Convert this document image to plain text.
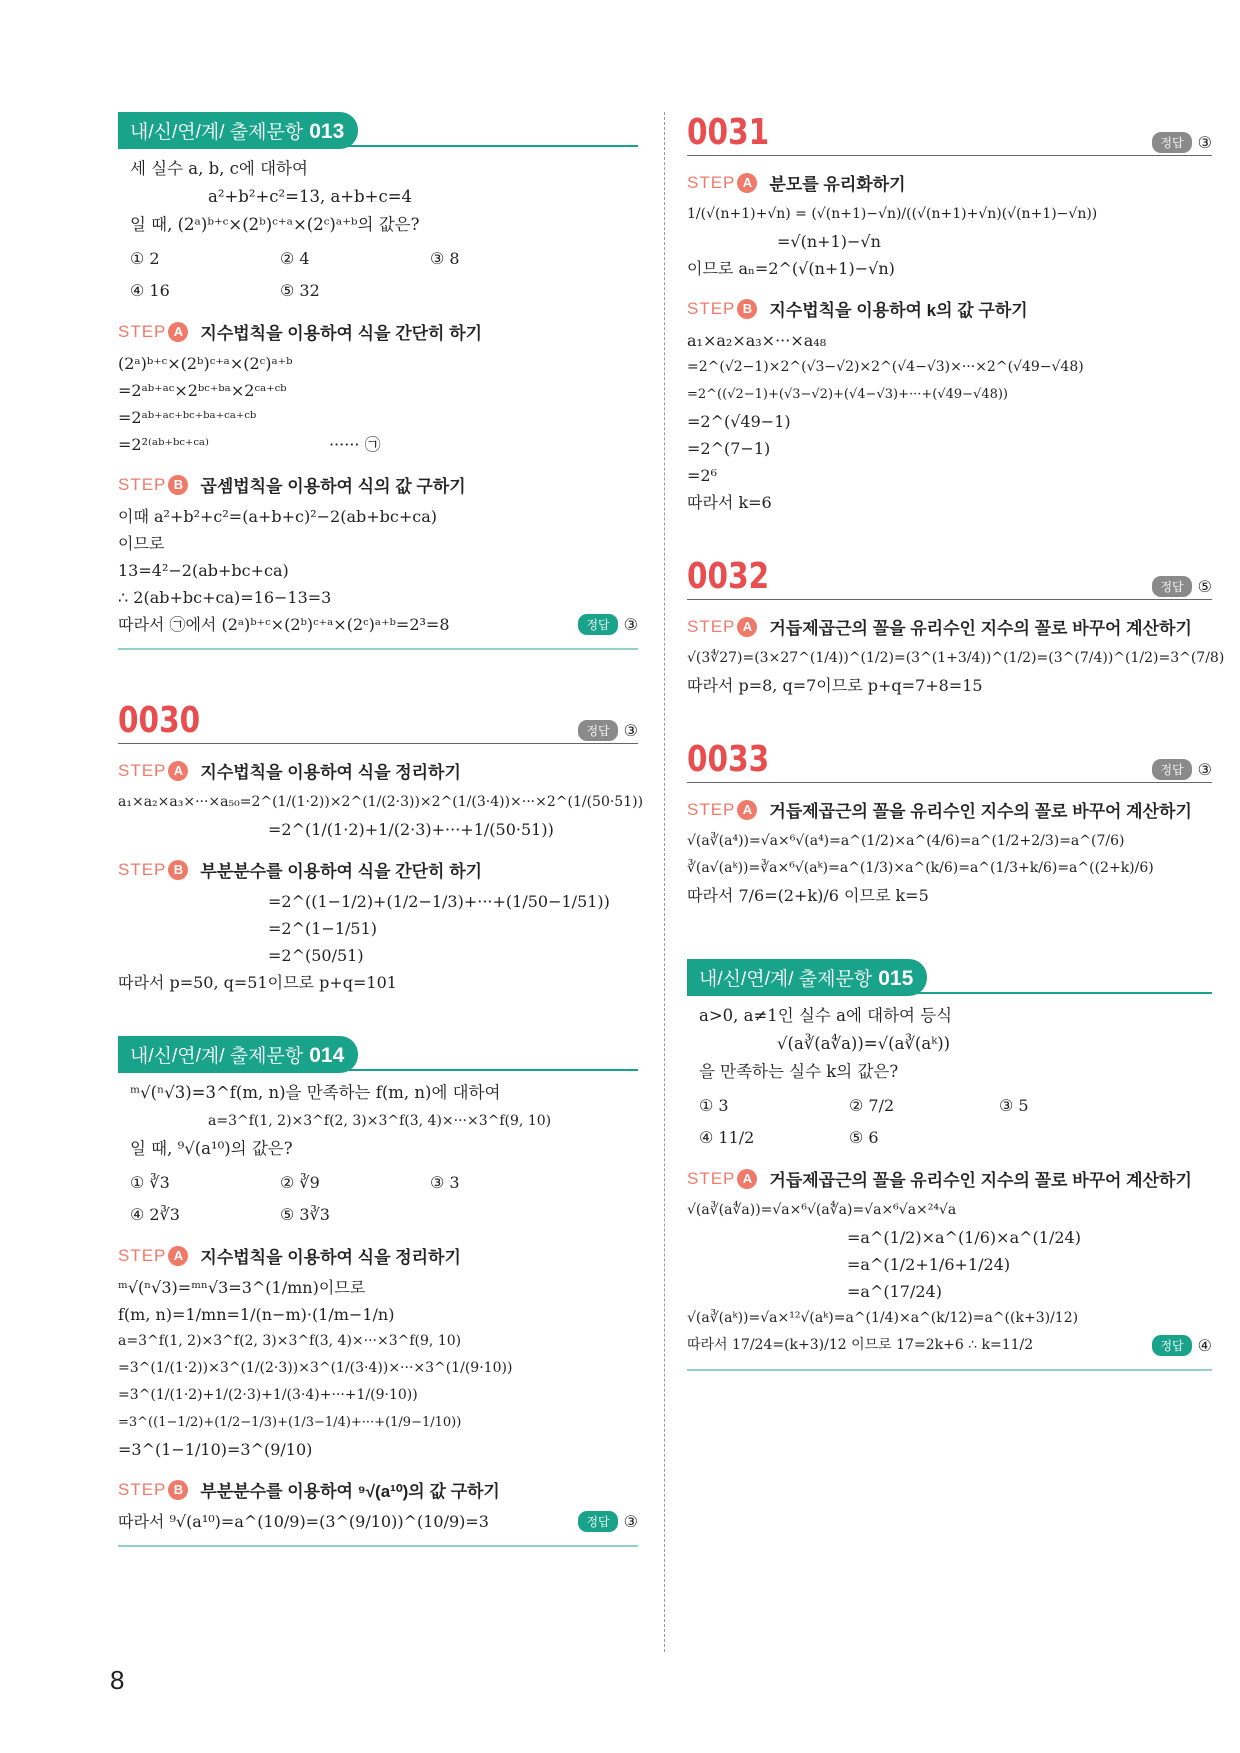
내/신/연/계/ 출제문항 013
세 실수 a, b, c에 대하여
a²+b²+c²=13, a+b+c=4
일 때, (2ᵃ)ᵇ⁺ᶜ×(2ᵇ)ᶜ⁺ᵃ×(2ᶜ)ᵃ⁺ᵇ의 값은?
① 2	② 4	③ 8
④ 16	⑤ 32
STEP A	지수법칙을 이용하여 식을 간단히 하기
(2ᵃ)ᵇ⁺ᶜ×(2ᵇ)ᶜ⁺ᵃ×(2ᶜ)ᵃ⁺ᵇ
=2ᵃᵇ⁺ᵃᶜ×2ᵇᶜ⁺ᵇᵃ×2ᶜᵃ⁺ᶜᵇ
=2ᵃᵇ⁺ᵃᶜ⁺ᵇᶜ⁺ᵇᵃ⁺ᶜᵃ⁺ᶜᵇ
=2²⁽ᵃᵇ⁺ᵇᶜ⁺ᶜᵃ⁾	······ ㉠
STEP B	곱셈법칙을 이용하여 식의 값 구하기
이때 a²+b²+c²=(a+b+c)²−2(ab+bc+ca)
이므로
13=4²−2(ab+bc+ca)
∴ 2(ab+bc+ca)=16−13=3
따라서 ㉠에서 (2ᵃ)ᵇ⁺ᶜ×(2ᵇ)ᶜ⁺ᵃ×(2ᶜ)ᵃ⁺ᵇ=2³=8	정답 ③
0030	정답 ③
STEP A	지수법칙을 이용하여 식을 정리하기
a₁×a₂×a₃×···×a₅₀=2^(1/(1·2))×2^(1/(2·3))×2^(1/(3·4))×···×2^(1/(50·51))
=2^(1/(1·2)+1/(2·3)+···+1/(50·51))
STEP B	부분분수를 이용하여 식을 간단히 하기
=2^((1−1/2)+(1/2−1/3)+···+(1/50−1/51))
=2^(1−1/51)
=2^(50/51)
따라서 p=50, q=51이므로 p+q=101
내/신/연/계/ 출제문항 014
ᵐ√(ⁿ√3)=3^f(m, n)을 만족하는 f(m, n)에 대하여
a=3^f(1, 2)×3^f(2, 3)×3^f(3, 4)×···×3^f(9, 10)
일 때, ⁹√(a¹⁰)의 값은?
① ∛3	② ∛9	③ 3
④ 2∛3	⑤ 3∛3
STEP A	지수법칙을 이용하여 식을 정리하기
ᵐ√(ⁿ√3)=ᵐⁿ√3=3^(1/mn)이므로
f(m, n)=1/mn=1/(n−m)·(1/m−1/n)
a=3^f(1, 2)×3^f(2, 3)×3^f(3, 4)×···×3^f(9, 10)
=3^(1/(1·2))×3^(1/(2·3))×3^(1/(3·4))×···×3^(1/(9·10))
=3^(1/(1·2)+1/(2·3)+1/(3·4)+···+1/(9·10))
=3^((1−1/2)+(1/2−1/3)+(1/3−1/4)+···+(1/9−1/10))
=3^(1−1/10)=3^(9/10)
STEP B	부분분수를 이용하여 ⁹√(a¹⁰)의 값 구하기
따라서 ⁹√(a¹⁰)=a^(10/9)=(3^(9/10))^(10/9)=3	정답 ③
0031	정답 ③
STEP A	분모를 유리화하기
1/(√(n+1)+√n) = (√(n+1)−√n)/((√(n+1)+√n)(√(n+1)−√n))
=√(n+1)−√n
이므로 aₙ=2^(√(n+1)−√n)
STEP B	지수법칙을 이용하여 k의 값 구하기
a₁×a₂×a₃×···×a₄₈
=2^(√2−1)×2^(√3−√2)×2^(√4−√3)×···×2^(√49−√48)
=2^((√2−1)+(√3−√2)+(√4−√3)+···+(√49−√48))
=2^(√49−1)
=2^(7−1)
=2⁶
따라서 k=6
0032	정답 ⑤
STEP A	거듭제곱근의 꼴을 유리수인 지수의 꼴로 바꾸어 계산하기
√(3∜27)=(3×27^(1/4))^(1/2)=(3^(1+3/4))^(1/2)=(3^(7/4))^(1/2)=3^(7/8)
따라서 p=8, q=7이므로 p+q=7+8=15
0033	정답 ③
STEP A	거듭제곱근의 꼴을 유리수인 지수의 꼴로 바꾸어 계산하기
√(a∛(a⁴))=√a×⁶√(a⁴)=a^(1/2)×a^(4/6)=a^(1/2+2/3)=a^(7/6)
∛(a√(aᵏ))=∛a×⁶√(aᵏ)=a^(1/3)×a^(k/6)=a^(1/3+k/6)=a^((2+k)/6)
따라서 7/6=(2+k)/6 이므로 k=5
내/신/연/계/ 출제문항 015
a>0, a≠1인 실수 a에 대하여 등식
√(a∛(a∜a))=√(a∛(aᵏ))
을 만족하는 실수 k의 값은?
① 3	② 7/2	③ 5
④ 11/2	⑤ 6
STEP A	거듭제곱근의 꼴을 유리수인 지수의 꼴로 바꾸어 계산하기
√(a∛(a∜a))=√a×⁶√(a∜a)=√a×⁶√a×²⁴√a
=a^(1/2)×a^(1/6)×a^(1/24)
=a^(1/2+1/6+1/24)
=a^(17/24)
√(a∛(aᵏ))=√a×¹²√(aᵏ)=a^(1/4)×a^(k/12)=a^((k+3)/12)
따라서 17/24=(k+3)/12 이므로 17=2k+6 ∴ k=11/2	정답 ④
8
